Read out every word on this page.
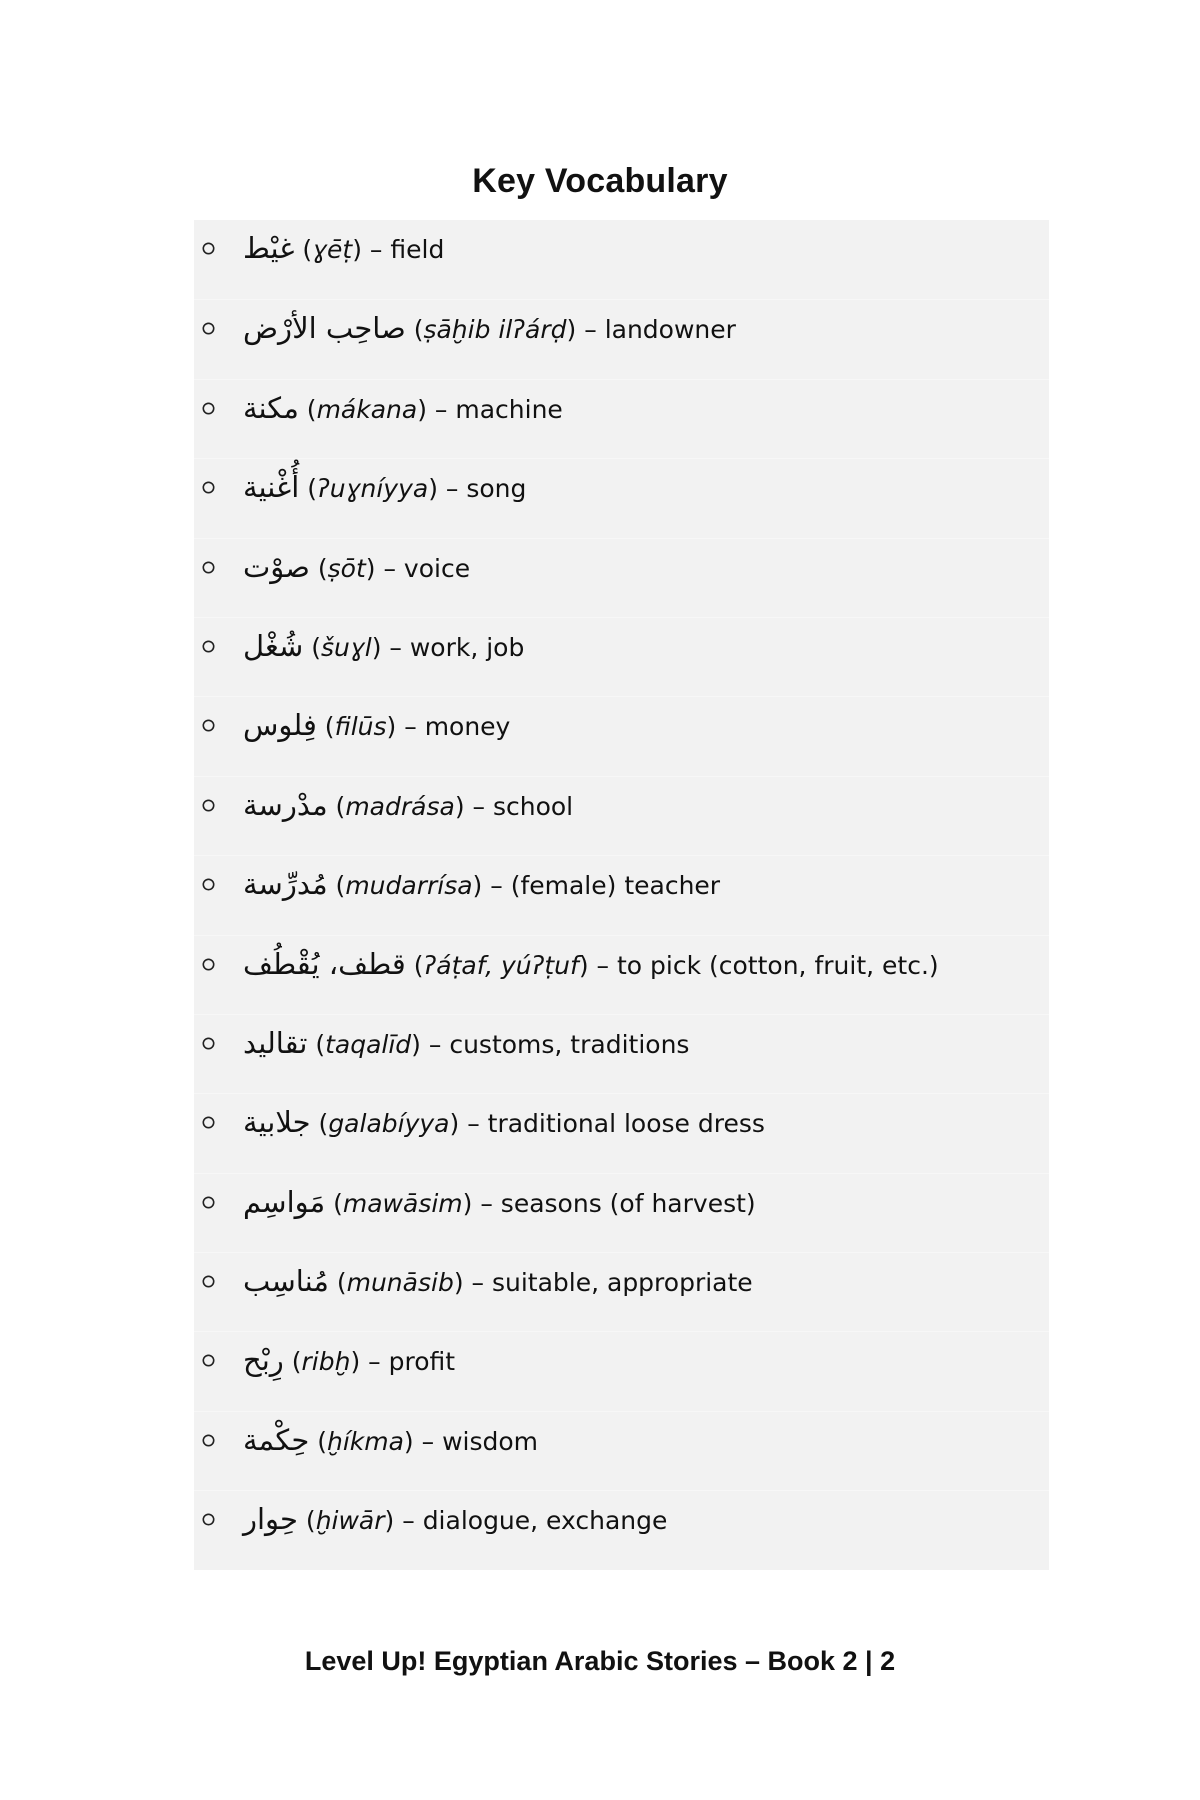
Key Vocabulary
غيْط ( ɣēṭ ) – field
صاحِب الأرْض ( ṣāḫib ilʔárḍ ) – landowner
مكنة ( mákana ) – machine
أُغْنية ( ʔuɣníyya ) – song
صوْت ( ṣōt ) – voice
شُغْل ( šuɣl ) – work, job
فِلوس ( filūs ) – money
مدْرسة ( madrása ) – school
مُدرِّسة ( mudarrísa ) – (female) teacher
قطف، يُقْطُف ( ʔáṭaf, yúʔṭuf ) – to pick (cotton, fruit, etc.)
تقاليد ( taqalīd ) – customs, traditions
جلابية ( galabíyya ) – traditional loose dress
مَواسِم ( mawāsim ) – seasons (of harvest)
مُناسِب ( munāsib ) – suitable, appropriate
رِبْح ( ribḫ ) – profit
حِكْمة ( ḫíkma ) – wisdom
حِوار ( ḫiwār ) – dialogue, exchange
Level Up! Egyptian Arabic Stories – Book 2 | 2
